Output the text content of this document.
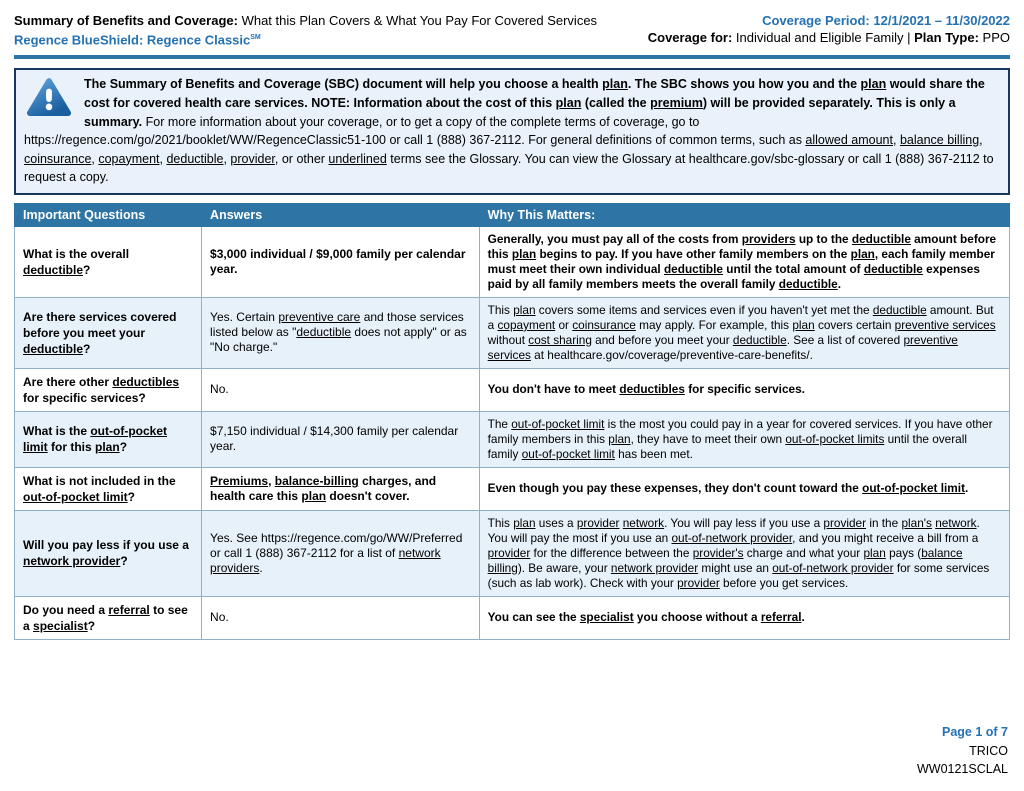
Summary of Benefits and Coverage: What this Plan Covers & What You Pay For Covered Services
Regence BlueShield: Regence Classic℠
Coverage Period: 12/1/2021 – 11/30/2022
Coverage for: Individual and Eligible Family | Plan Type: PPO

The Summary of Benefits and Coverage (SBC) document will help you choose a health plan. The SBC shows you how you and the plan would share the cost for covered health care services. NOTE: Information about the cost of this plan (called the premium) will be provided separately. This is only a summary. For more information about your coverage, or to get a copy of the complete terms of coverage, go to https://regence.com/go/2021/booklet/WW/RegenceClassic51-100 or call 1 (888) 367-2112. For general definitions of common terms, such as allowed amount, balance billing, coinsurance, copayment, deductible, provider, or other underlined terms see the Glossary. You can view the Glossary at healthcare.gov/sbc-glossary or call 1 (888) 367-2112 to request a copy.

Important Questions	Answers	Why This Matters:
What is the overall deductible?	$3,000 individual / $9,000 family per calendar year.	Generally, you must pay all of the costs from providers up to the deductible amount before this plan begins to pay. If you have other family members on the plan, each family member must meet their own individual deductible until the total amount of deductible expenses paid by all family members meets the overall family deductible.
Are there services covered before you meet your deductible?	Yes. Certain preventive care and those services listed below as "deductible does not apply" or as "No charge."	This plan covers some items and services even if you haven't yet met the deductible amount. But a copayment or coinsurance may apply. For example, this plan covers certain preventive services without cost sharing and before you meet your deductible. See a list of covered preventive services at healthcare.gov/coverage/preventive-care-benefits/.
Are there other deductibles for specific services?	No.	You don't have to meet deductibles for specific services.
What is the out-of-pocket limit for this plan?	$7,150 individual / $14,300 family per calendar year.	The out-of-pocket limit is the most you could pay in a year for covered services. If you have other family members in this plan, they have to meet their own out-of-pocket limits until the overall family out-of-pocket limit has been met.
What is not included in the out-of-pocket limit?	Premiums, balance-billing charges, and health care this plan doesn't cover.	Even though you pay these expenses, they don't count toward the out-of-pocket limit.
Will you pay less if you use a network provider?	Yes. See https://regence.com/go/WW/Preferred or call 1 (888) 367-2112 for a list of network providers.	This plan uses a provider network. You will pay less if you use a provider in the plan's network. You will pay the most if you use an out-of-network provider, and you might receive a bill from a provider for the difference between the provider's charge and what your plan pays (balance billing). Be aware, your network provider might use an out-of-network provider for some services (such as lab work). Check with your provider before you get services.
Do you need a referral to see a specialist?	No.	You can see the specialist you choose without a referral.
Page 1 of 7
TRICO
WW0121SCLAL
